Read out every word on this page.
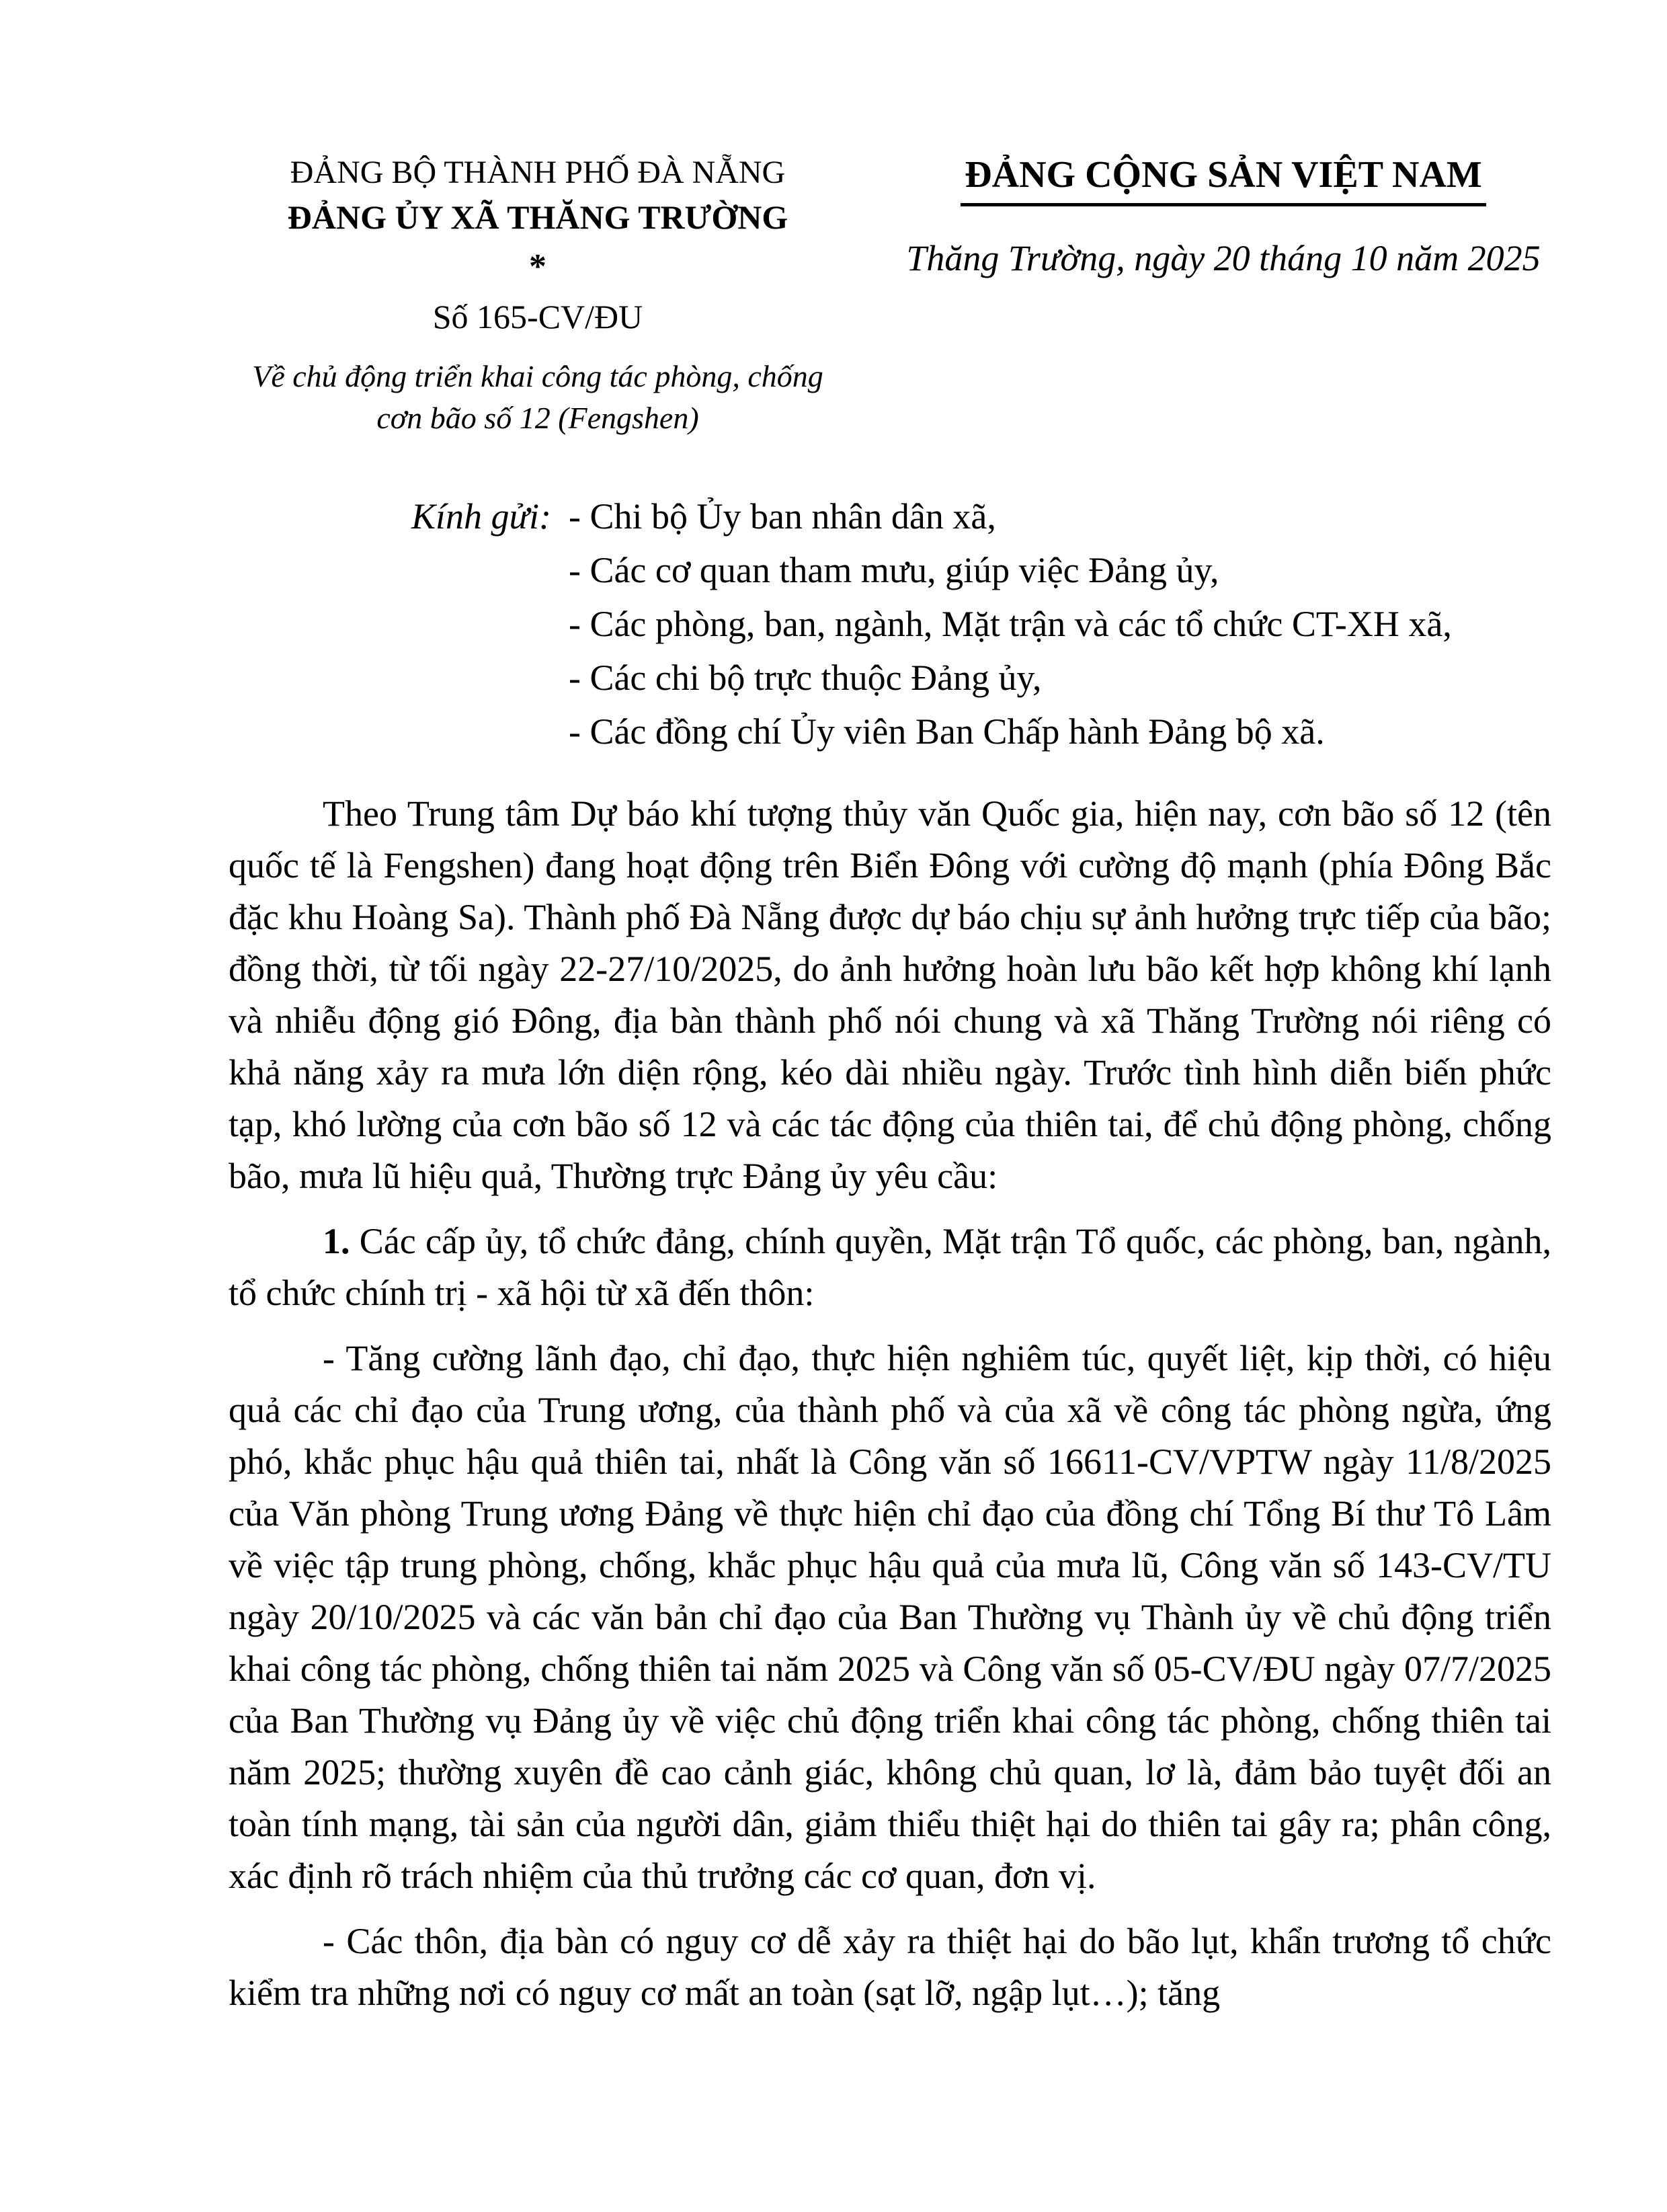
ĐẢNG BỘ THÀNH PHỐ ĐÀ NẴNG
ĐẢNG ỦY XÃ THĂNG TRƯỜNG
*
Số 165-CV/ĐU
Về chủ động triển khai công tác phòng, chống
cơn bão số 12 (Fengshen)
ĐẢNG CỘNG SẢN VIỆT NAM
Thăng Trường, ngày 20 tháng 10 năm 2025
Kính gửi: - Chi bộ Ủy ban nhân dân xã,
- Các cơ quan tham mưu, giúp việc Đảng ủy,
- Các phòng, ban, ngành, Mặt trận và các tổ chức CT-XH xã,
- Các chi bộ trực thuộc Đảng ủy,
- Các đồng chí Ủy viên Ban Chấp hành Đảng bộ xã.

Theo Trung tâm Dự báo khí tượng thủy văn Quốc gia, hiện nay, cơn bão số 12 (tên quốc tế là Fengshen) đang hoạt động trên Biển Đông với cường độ mạnh (phía Đông Bắc đặc khu Hoàng Sa). Thành phố Đà Nẵng được dự báo chịu sự ảnh hưởng trực tiếp của bão; đồng thời, từ tối ngày 22-27/10/2025, do ảnh hưởng hoàn lưu bão kết hợp không khí lạnh và nhiễu động gió Đông, địa bàn thành phố nói chung và xã Thăng Trường nói riêng có khả năng xảy ra mưa lớn diện rộng, kéo dài nhiều ngày. Trước tình hình diễn biến phức tạp, khó lường của cơn bão số 12 và các tác động của thiên tai, để chủ động phòng, chống bão, mưa lũ hiệu quả, Thường trực Đảng ủy yêu cầu:

1. Các cấp ủy, tổ chức đảng, chính quyền, Mặt trận Tổ quốc, các phòng, ban, ngành, tổ chức chính trị - xã hội từ xã đến thôn:

- Tăng cường lãnh đạo, chỉ đạo, thực hiện nghiêm túc, quyết liệt, kịp thời, có hiệu quả các chỉ đạo của Trung ương, của thành phố và của xã về công tác phòng ngừa, ứng phó, khắc phục hậu quả thiên tai, nhất là Công văn số 16611-CV/VPTW ngày 11/8/2025 của Văn phòng Trung ương Đảng về thực hiện chỉ đạo của đồng chí Tổng Bí thư Tô Lâm về việc tập trung phòng, chống, khắc phục hậu quả của mưa lũ, Công văn số 143-CV/TU ngày 20/10/2025 và các văn bản chỉ đạo của Ban Thường vụ Thành ủy về chủ động triển khai công tác phòng, chống thiên tai năm 2025 và Công văn số 05-CV/ĐU ngày 07/7/2025 của Ban Thường vụ Đảng ủy về việc chủ động triển khai công tác phòng, chống thiên tai năm 2025; thường xuyên đề cao cảnh giác, không chủ quan, lơ là, đảm bảo tuyệt đối an toàn tính mạng, tài sản của người dân, giảm thiểu thiệt hại do thiên tai gây ra; phân công, xác định rõ trách nhiệm của thủ trưởng các cơ quan, đơn vị.

- Các thôn, địa bàn có nguy cơ dễ xảy ra thiệt hại do bão lụt, khẩn trương tổ chức kiểm tra những nơi có nguy cơ mất an toàn (sạt lỡ, ngập lụt…); tăng
